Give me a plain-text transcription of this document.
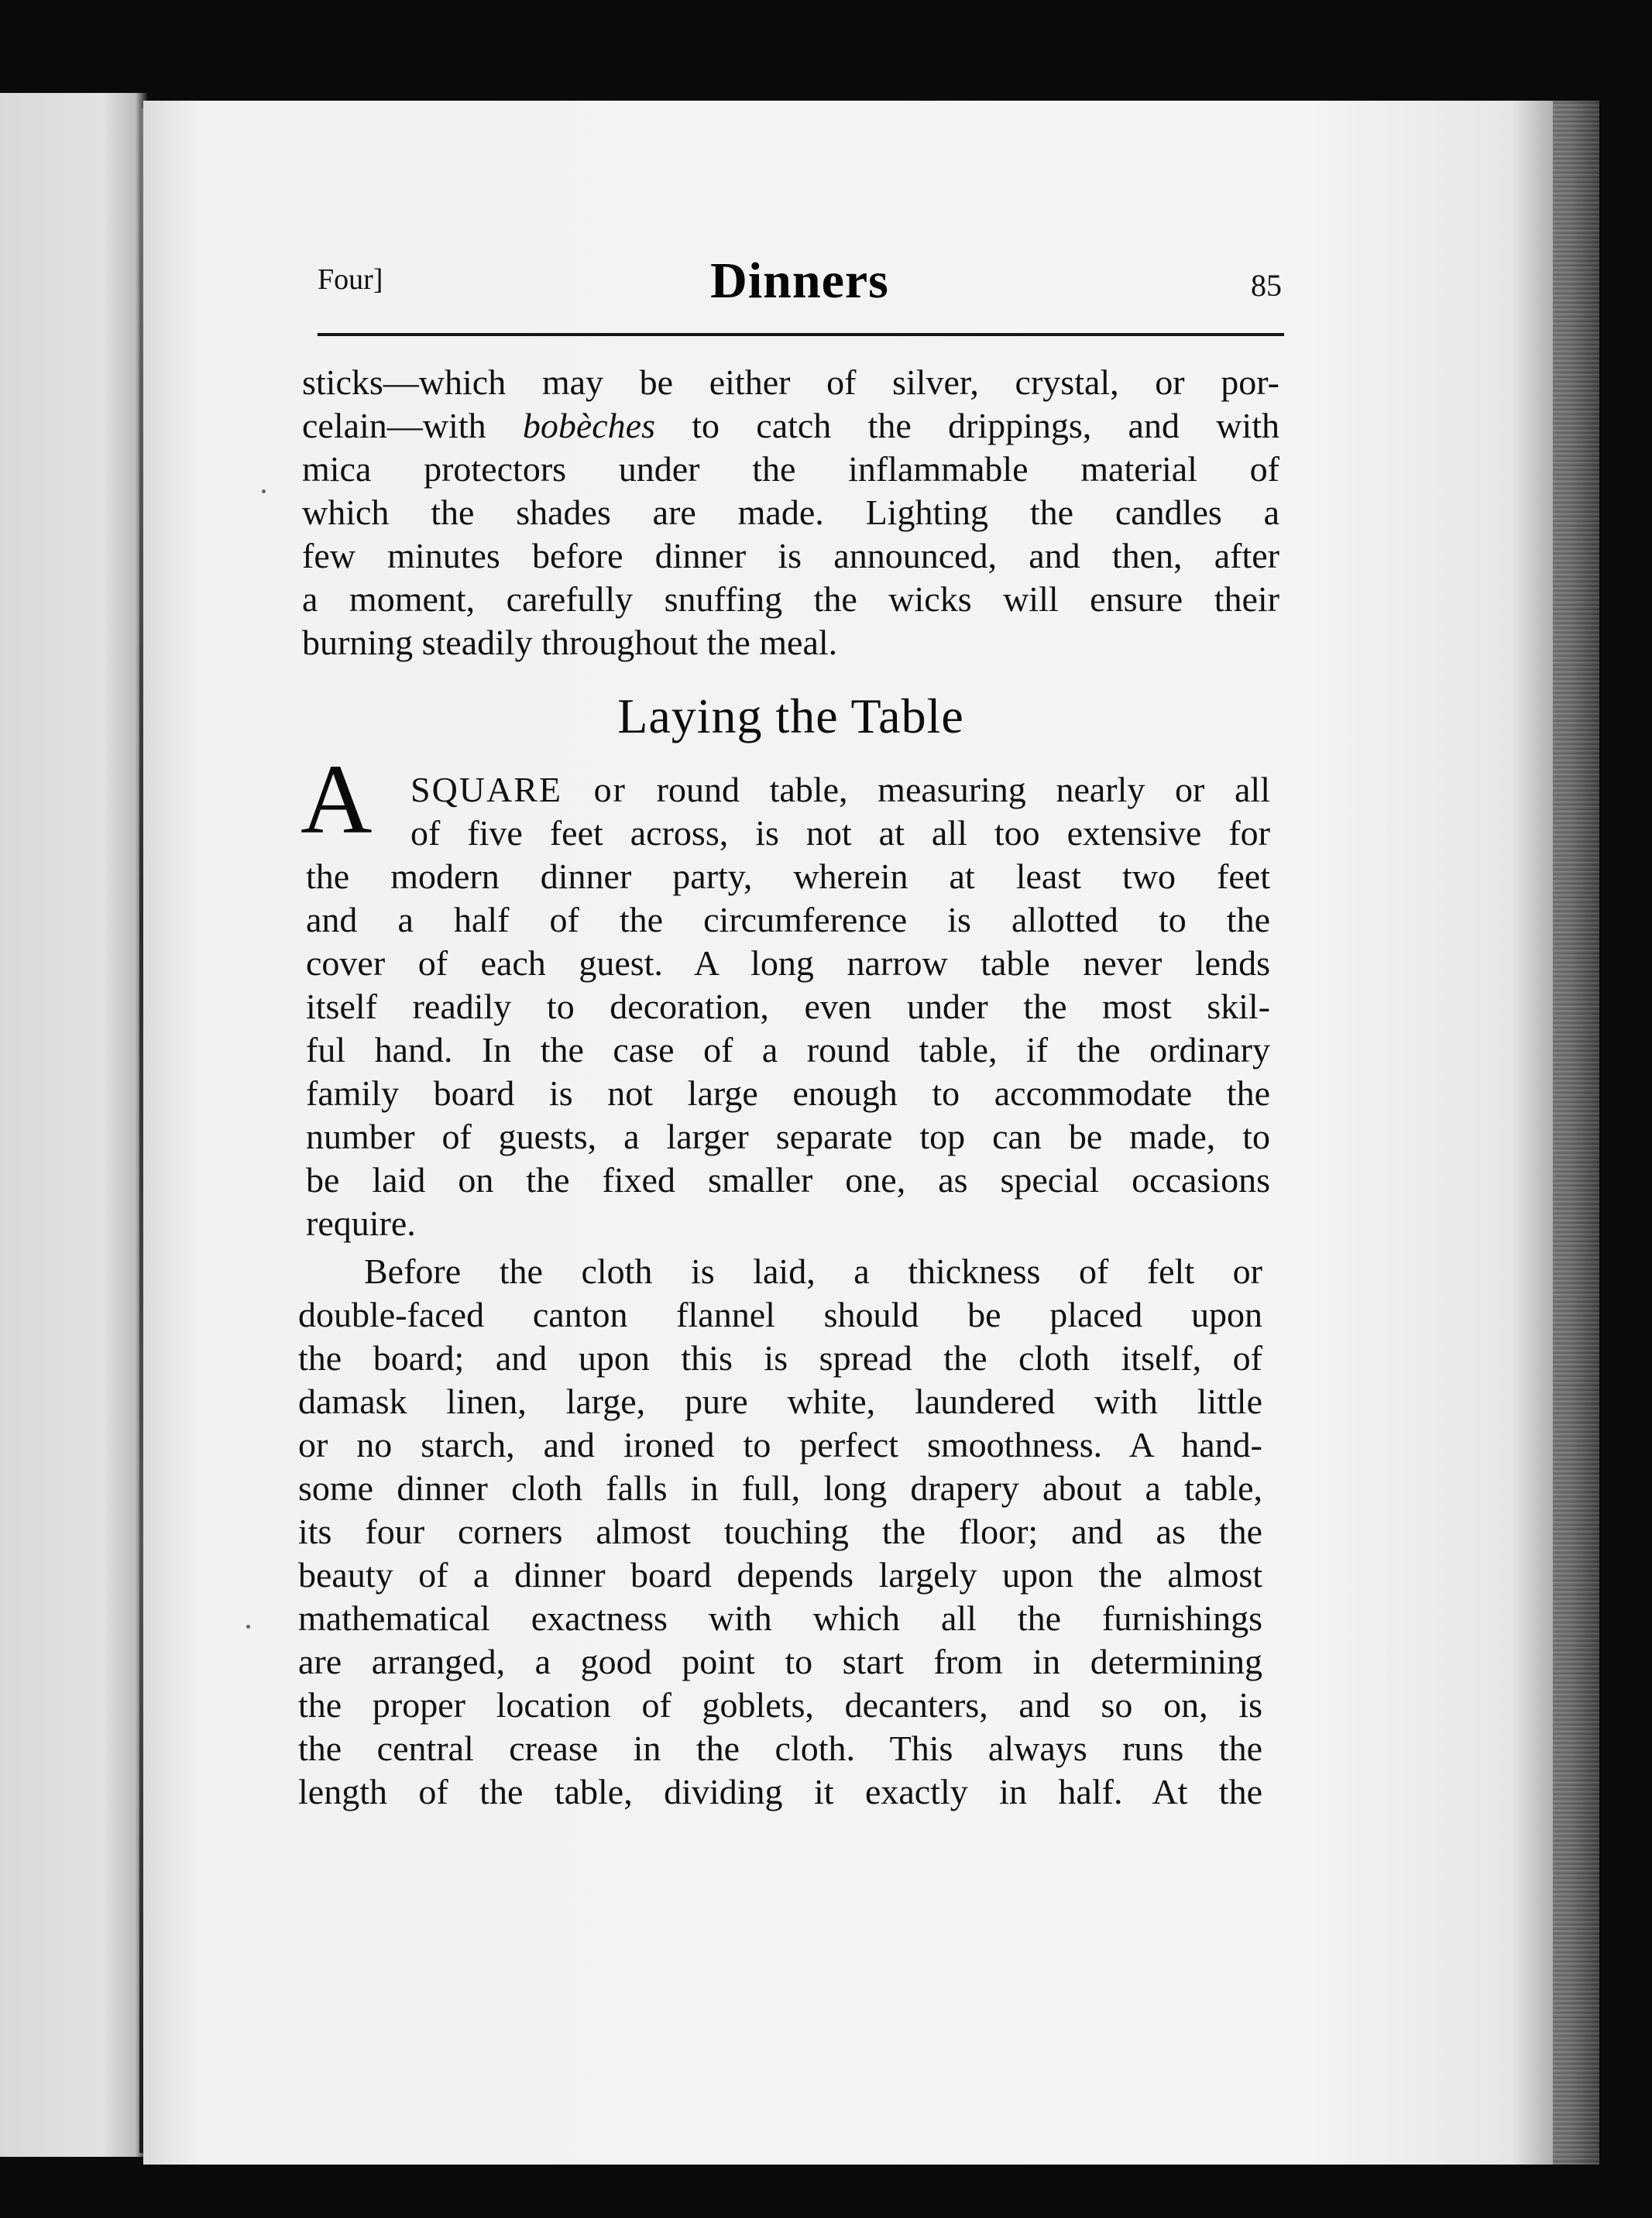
Four]	Dinners	85
sticks—which may be either of silver, crystal, or por-
celain—with bobèches to catch the drippings, and with
mica protectors under the inflammable material of
which the shades are made. Lighting the candles a
few minutes before dinner is announced, and then, after
a moment, carefully snuffing the wicks will ensure their
burning steadily throughout the meal.
Laying the Table
A SQUARE or round table, measuring nearly or all
of five feet across, is not at all too extensive for
the modern dinner party, wherein at least two feet
and a half of the circumference is allotted to the
cover of each guest. A long narrow table never lends
itself readily to decoration, even under the most skil-
ful hand. In the case of a round table, if the ordinary
family board is not large enough to accommodate the
number of guests, a larger separate top can be made, to
be laid on the fixed smaller one, as special occasions
require.
Before the cloth is laid, a thickness of felt or
double-faced canton flannel should be placed upon
the board; and upon this is spread the cloth itself, of
damask linen, large, pure white, laundered with little
or no starch, and ironed to perfect smoothness. A hand-
some dinner cloth falls in full, long drapery about a table,
its four corners almost touching the floor; and as the
beauty of a dinner board depends largely upon the almost
mathematical exactness with which all the furnishings
are arranged, a good point to start from in determining
the proper location of goblets, decanters, and so on, is
the central crease in the cloth. This always runs the
length of the table, dividing it exactly in half. At the
